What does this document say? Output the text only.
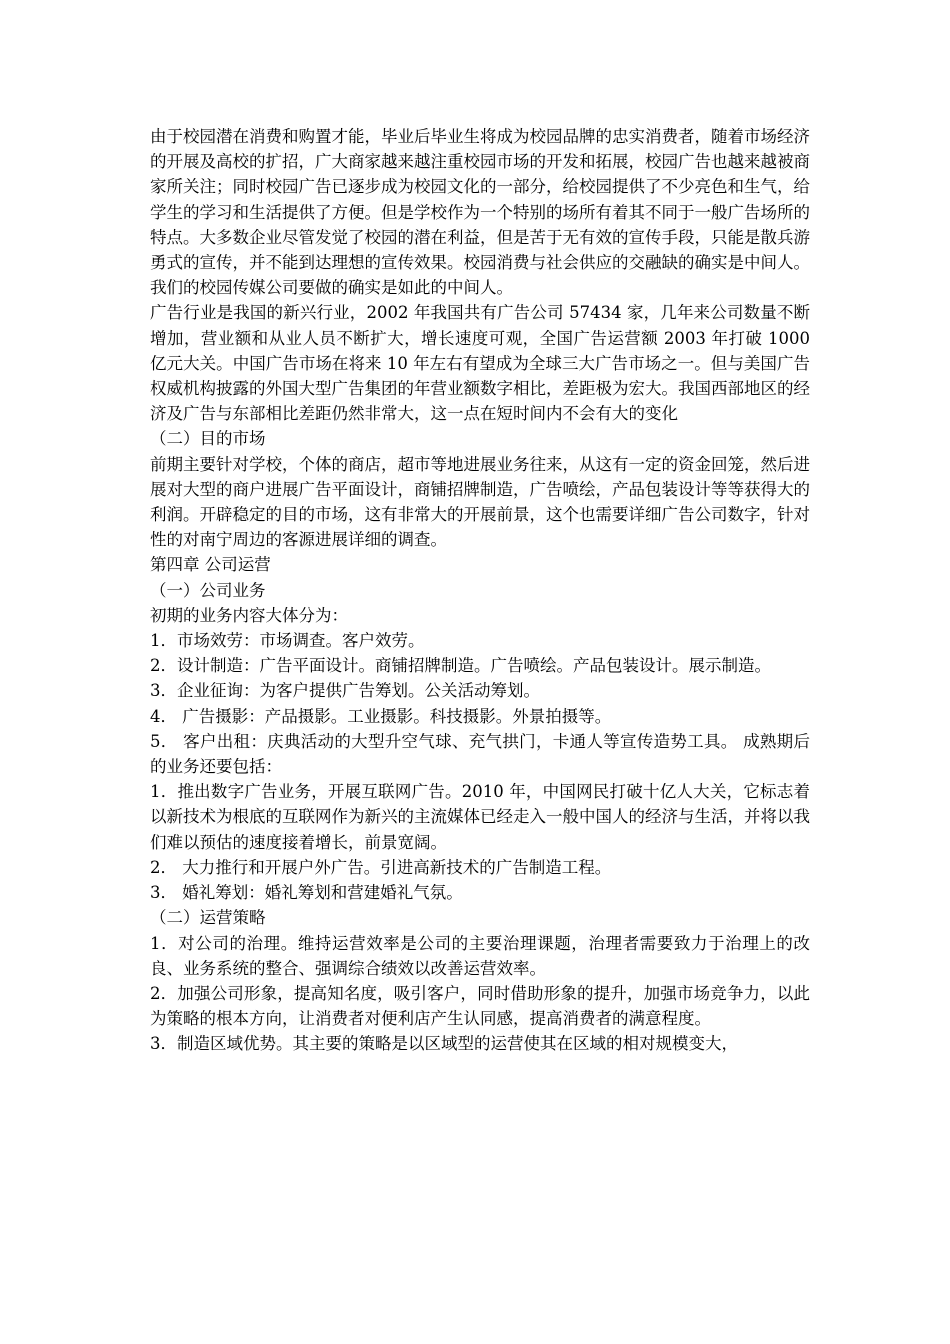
由于校园潜在消费和购置才能，毕业后毕业生将成为校园品牌的忠实消费者，随着市场经济的开展及高校的扩招，广大商家越来越注重校园市场的开发和拓展，校园广告也越来越被商家所关注；同时校园广告已逐步成为校园文化的一部分，给校园提供了不少亮色和生气，给学生的学习和生活提供了方便。但是学校作为一个特别的场所有着其不同于一般广告场所的特点。大多数企业尽管发觉了校园的潜在利益，但是苦于无有效的宣传手段，只能是散兵游勇式的宣传，并不能到达理想的宣传效果。校园消费与社会供应的交融缺的确实是中间人。我们的校园传媒公司要做的确实是如此的中间人。

广告行业是我国的新兴行业，2002 年我国共有广告公司 57434 家，几年来公司数量不断增加，营业额和从业人员不断扩大，增长速度可观，全国广告运营额 2003 年打破 1000 亿元大关。中国广告市场在将来 10 年左右有望成为全球三大广告市场之一。但与美国广告权威机构披露的外国大型广告集团的年营业额数字相比，差距极为宏大。我国西部地区的经济及广告与东部相比差距仍然非常大，这一点在短时间内不会有大的变化

（二）目的市场

前期主要针对学校，个体的商店，超市等地进展业务往来，从这有一定的资金回笼，然后进展对大型的商户进展广告平面设计，商铺招牌制造，广告喷绘，产品包装设计等等获得大的利润。开辟稳定的目的市场，这有非常大的开展前景，这个也需要详细广告公司数字，针对性的对南宁周边的客源进展详细的调查。

第四章 公司运营

（一）公司业务

初期的业务内容大体分为：

1．市场效劳：市场调查。客户效劳。

2．设计制造：广告平面设计。商铺招牌制造。广告喷绘。产品包装设计。展示制造。

3．企业征询：为客户提供广告筹划。公关活动筹划。

4． 广告摄影：产品摄影。工业摄影。科技摄影。外景拍摄等。

5． 客户出租：庆典活动的大型升空气球、充气拱门，卡通人等宣传造势工具。 成熟期后的业务还要包括：

1．推出数字广告业务，开展互联网广告。2010 年，中国网民打破十亿人大关，它标志着以新技术为根底的互联网作为新兴的主流媒体已经走入一般中国人的经济与生活，并将以我们难以预估的速度接着增长，前景宽阔。

2． 大力推行和开展户外广告。引进高新技术的广告制造工程。

3． 婚礼筹划：婚礼筹划和营建婚礼气氛。

（二）运营策略

1．对公司的治理。维持运营效率是公司的主要治理课题，治理者需要致力于治理上的改良、业务系统的整合、强调综合绩效以改善运营效率。

2．加强公司形象，提高知名度，吸引客户，同时借助形象的提升，加强市场竞争力，以此为策略的根本方向，让消费者对便利店产生认同感，提高消费者的满意程度。

3．制造区域优势。其主要的策略是以区域型的运营使其在区域的相对规模变大，
